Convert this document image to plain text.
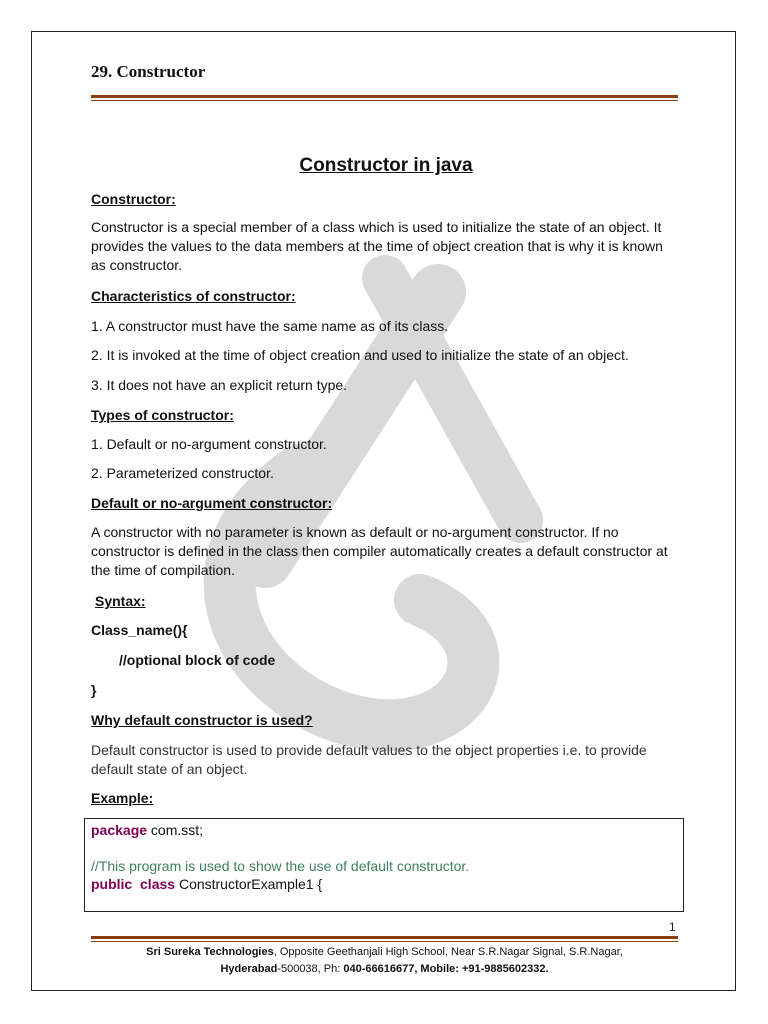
29. Constructor
Constructor in java

Constructor:

Constructor is a special member of a class which is used to initialize the state of an object. It provides the values to the data members at the time of object creation that is why it is known as constructor.

Characteristics of constructor:

1. A constructor must have the same name as of its class.

2. It is invoked at the time of object creation and used to initialize the state of an object.

3. It does not have an explicit return type.

Types of constructor:

1. Default or no-argument constructor.

2. Parameterized constructor.

Default or no-argument constructor:

A constructor with no parameter is known as default or no-argument constructor. If no constructor is defined in the class then compiler automatically creates a default constructor at the time of compilation.

Syntax:

Class_name(){

//optional block of code

}

Why default constructor is used?

Default constructor is used to provide default values to the object properties i.e. to provide default state of an object.

Example:

package com.sst;
//This program is used to show the use of default constructor.
public class ConstructorExample1 {
1
Sri Sureka Technologies, Opposite Geethanjali High School, Near S.R.Nagar Signal, S.R.Nagar,
Hyderabad-500038, Ph: 040-66616677, Mobile: +91-9885602332.
